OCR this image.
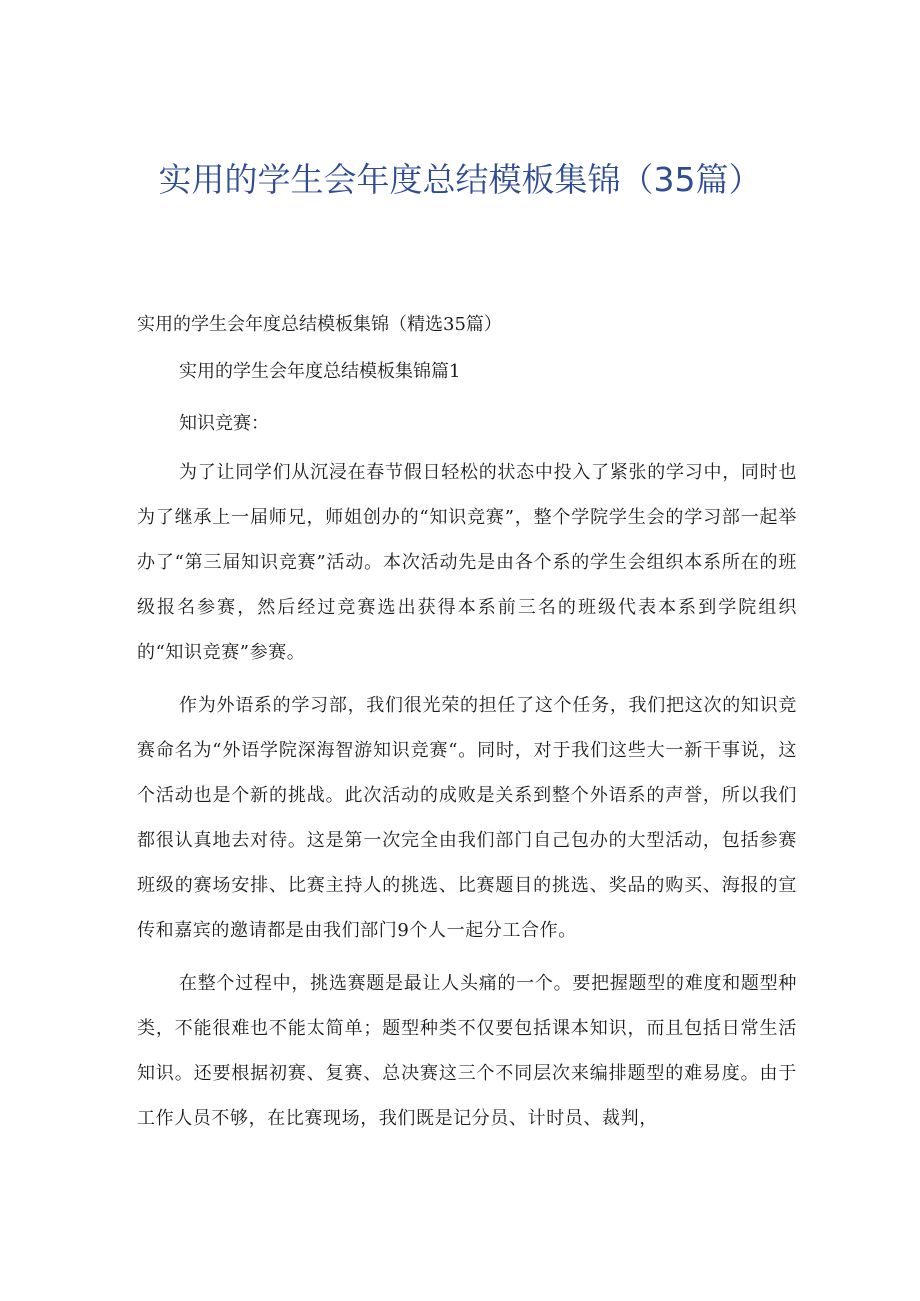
实用的学生会年度总结模板集锦（35篇）

实用的学生会年度总结模板集锦（精选35篇）

实用的学生会年度总结模板集锦篇1

知识竞赛：

为了让同学们从沉浸在春节假日轻松的状态中投入了紧张的学习中，同时也为了继承上一届师兄，师姐创办的“知识竞赛”，整个学院学生会的学习部一起举办了“第三届知识竞赛”活动。本次活动先是由各个系的学生会组织本系所在的班级报名参赛，然后经过竞赛选出获得本系前三名的班级代表本系到学院组织的“知识竞赛”参赛。

作为外语系的学习部，我们很光荣的担任了这个任务，我们把这次的知识竞赛命名为“外语学院深海智游知识竞赛“。同时，对于我们这些大一新干事说，这个活动也是个新的挑战。此次活动的成败是关系到整个外语系的声誉，所以我们都很认真地去对待。这是第一次完全由我们部门自己包办的大型活动，包括参赛班级的赛场安排、比赛主持人的挑选、比赛题目的挑选、奖品的购买、海报的宣传和嘉宾的邀请都是由我们部门9个人一起分工合作。

在整个过程中，挑选赛题是最让人头痛的一个。要把握题型的难度和题型种类，不能很难也不能太简单；题型种类不仅要包括课本知识，而且包括日常生活知识。还要根据初赛、复赛、总决赛这三个不同层次来编排题型的难易度。由于工作人员不够，在比赛现场，我们既是记分员、计时员、裁判，
